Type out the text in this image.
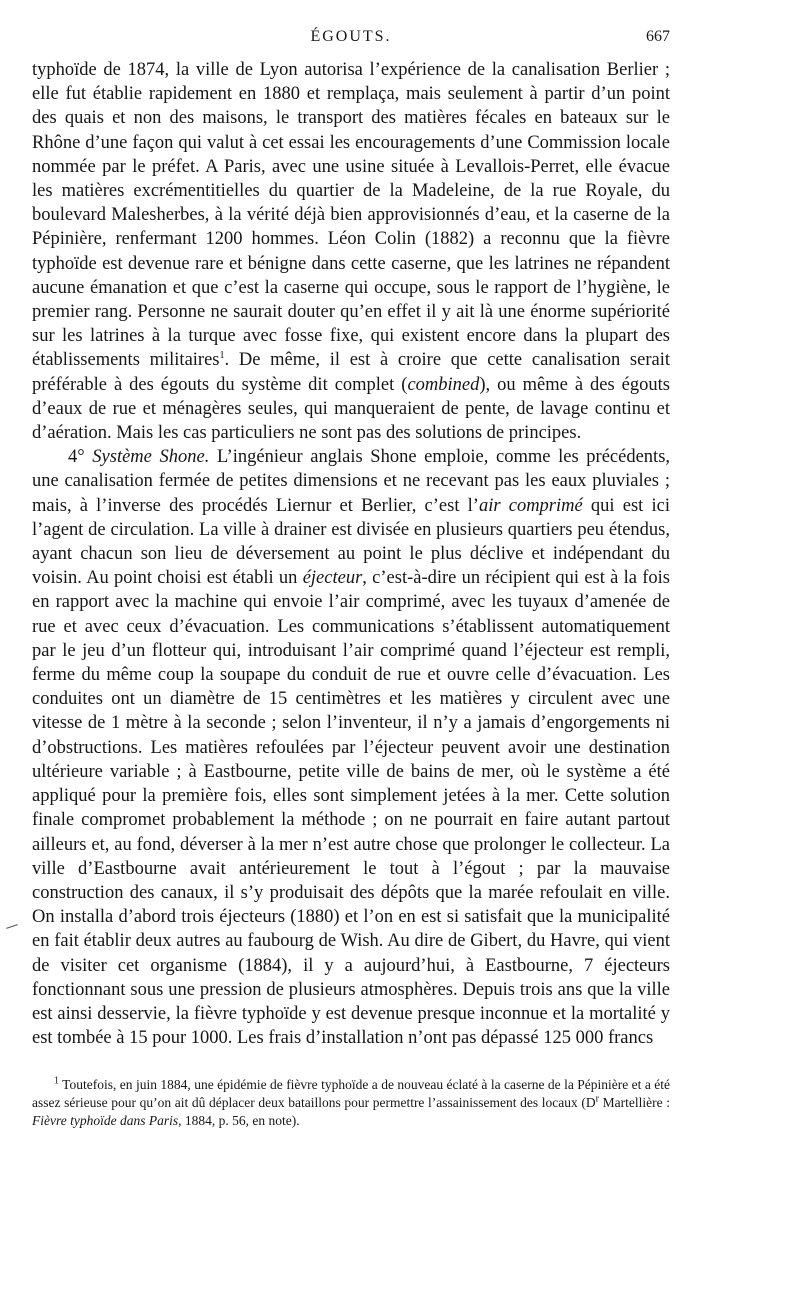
ÉGOUTS.	667

typhoïde de 1874, la ville de Lyon autorisa l’expérience de la canalisation Berlier ; elle fut établie rapidement en 1880 et remplaça, mais seulement à partir d’un point des quais et non des maisons, le transport des matières fécales en bateaux sur le Rhône d’une façon qui valut à cet essai les encouragements d’une Commission locale nommée par le préfet. A Paris, avec une usine située à Levallois-Perret, elle évacue les matières excrémentitielles du quartier de la Madeleine, de la rue Royale, du boulevard Malesherbes, à la vérité déjà bien approvisionnés d’eau, et la caserne de la Pépinière, renfermant 1200 hommes. Léon Colin (1882) a reconnu que la fièvre typhoïde est devenue rare et bénigne dans cette caserne, que les latrines ne répandent aucune émanation et que c’est la caserne qui occupe, sous le rapport de l’hygiène, le premier rang. Personne ne saurait douter qu’en effet il y ait là une énorme supériorité sur les latrines à la turque avec fosse fixe, qui existent encore dans la plupart des établissements militaires$^1$. De même, il est à croire que cette canalisation serait préférable à des égouts du système dit complet (combined), ou même à des égouts d’eaux de rue et ménagères seules, qui manqueraient de pente, de lavage continu et d’aération. Mais les cas particuliers ne sont pas des solutions de principes.

4° Système Shone. L’ingénieur anglais Shone emploie, comme les précédents, une canalisation fermée de petites dimensions et ne recevant pas les eaux pluviales ; mais, à l’inverse des procédés Liernur et Berlier, c’est l’air comprimé qui est ici l’agent de circulation. La ville à drainer est divisée en plusieurs quartiers peu étendus, ayant chacun son lieu de déversement au point le plus déclive et indépendant du voisin. Au point choisi est établi un éjecteur, c’est-à-dire un récipient qui est à la fois en rapport avec la machine qui envoie l’air comprimé, avec les tuyaux d’amenée de rue et avec ceux d’évacuation. Les communications s’établissent automatiquement par le jeu d’un flotteur qui, introduisant l’air comprimé quand l’éjecteur est rempli, ferme du même coup la soupape du conduit de rue et ouvre celle d’évacuation. Les conduites ont un diamètre de 15 centimètres et les matières y circulent avec une vitesse de 1 mètre à la seconde ; selon l’inventeur, il n’y a jamais d’engorgements ni d’obstructions. Les matières refoulées par l’éjecteur peuvent avoir une destination ultérieure variable ; à Eastbourne, petite ville de bains de mer, où le système a été appliqué pour la première fois, elles sont simplement jetées à la mer. Cette solution finale compromet probablement la méthode ; on ne pourrait en faire autant partout ailleurs et, au fond, déverser à la mer n’est autre chose que prolonger le collecteur. La ville d’Eastbourne avait antérieurement le tout à l’égout ; par la mauvaise construction des canaux, il s’y produisait des dépôts que la marée refoulait en ville. On installa d’abord trois éjecteurs (1880) et l’on en est si satisfait que la municipalité en fait établir deux autres au faubourg de Wish. Au dire de Gibert, du Havre, qui vient de visiter cet organisme (1884), il y a aujourd’hui, à Eastbourne, 7 éjecteurs fonctionnant sous une pression de plusieurs atmosphères. Depuis trois ans que la ville est ainsi desservie, la fièvre typhoïde y est devenue presque inconnue et la mortalité y est tombée à 15 pour 1000. Les frais d’installation n’ont pas dépassé 125 000 francs

$^1$ Toutefois, en juin 1884, une épidémie de fièvre typhoïde a de nouveau éclaté à la caserne de la Pépinière et a été assez sérieuse pour qu’on ait dû déplacer deux bataillons pour permettre l’assainissement des locaux ($D^r$ Martellière : Fièvre typhoïde dans Paris, 1884, p. 56, en note).
